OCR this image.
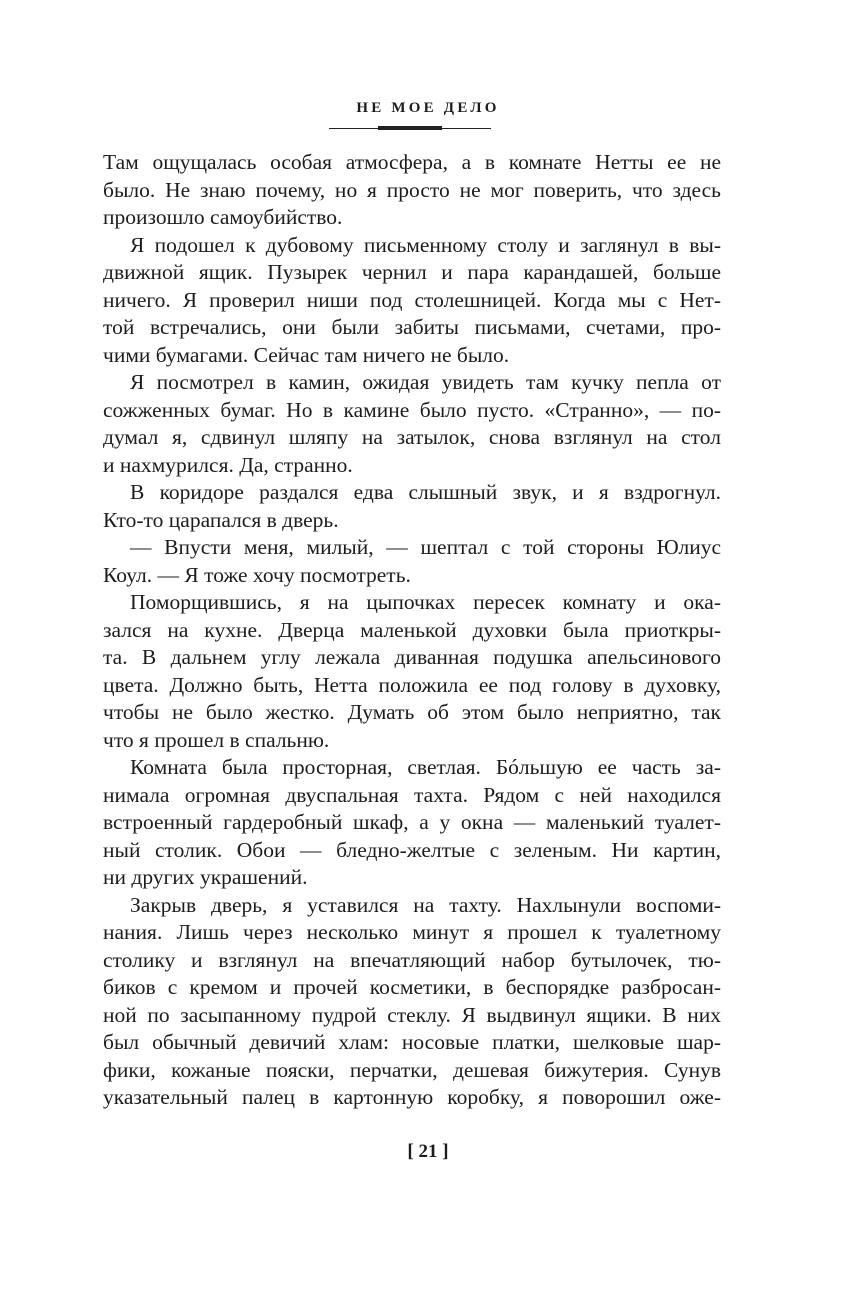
НЕ МОЕ ДЕЛО
Там ощущалась особая атмосфера, а в комнате Нетты ее не
было. Не знаю почему, но я просто не мог поверить, что здесь
произошло самоубийство.
Я подошел к дубовому письменному столу и заглянул в вы-
движной ящик. Пузырек чернил и пара карандашей, больше
ничего. Я проверил ниши под столешницей. Когда мы с Нет-
той встречались, они были забиты письмами, счетами, про-
чими бумагами. Сейчас там ничего не было.
Я посмотрел в камин, ожидая увидеть там кучку пепла от
сожженных бумаг. Но в камине было пусто. «Странно», — по-
думал я, сдвинул шляпу на затылок, снова взглянул на стол
и нахмурился. Да, странно.
В коридоре раздался едва слышный звук, и я вздрогнул.
Кто-то царапался в дверь.
— Впусти меня, милый, — шептал с той стороны Юлиус
Коул. — Я тоже хочу посмотреть.
Поморщившись, я на цыпочках пересек комнату и ока-
зался на кухне. Дверца маленькой духовки была приоткры-
та. В дальнем углу лежала диванная подушка апельсинового
цвета. Должно быть, Нетта положила ее под голову в духовку,
чтобы не было жестко. Думать об этом было неприятно, так
что я прошел в спальню.
Комната была просторная, светлая. Бóльшую ее часть за-
нимала огромная двуспальная тахта. Рядом с ней находился
встроенный гардеробный шкаф, а у окна — маленький туалет-
ный столик. Обои — бледно-желтые с зеленым. Ни картин,
ни других украшений.
Закрыв дверь, я уставился на тахту. Нахлынули воспоми-
нания. Лишь через несколько минут я прошел к туалетному
столику и взглянул на впечатляющий набор бутылочек, тю-
биков с кремом и прочей косметики, в беспорядке разбросан-
ной по засыпанному пудрой стеклу. Я выдвинул ящики. В них
был обычный девичий хлам: носовые платки, шелковые шар-
фики, кожаные пояски, перчатки, дешевая бижутерия. Сунув
указательный палец в картонную коробку, я поворошил оже-
[ 21 ]
